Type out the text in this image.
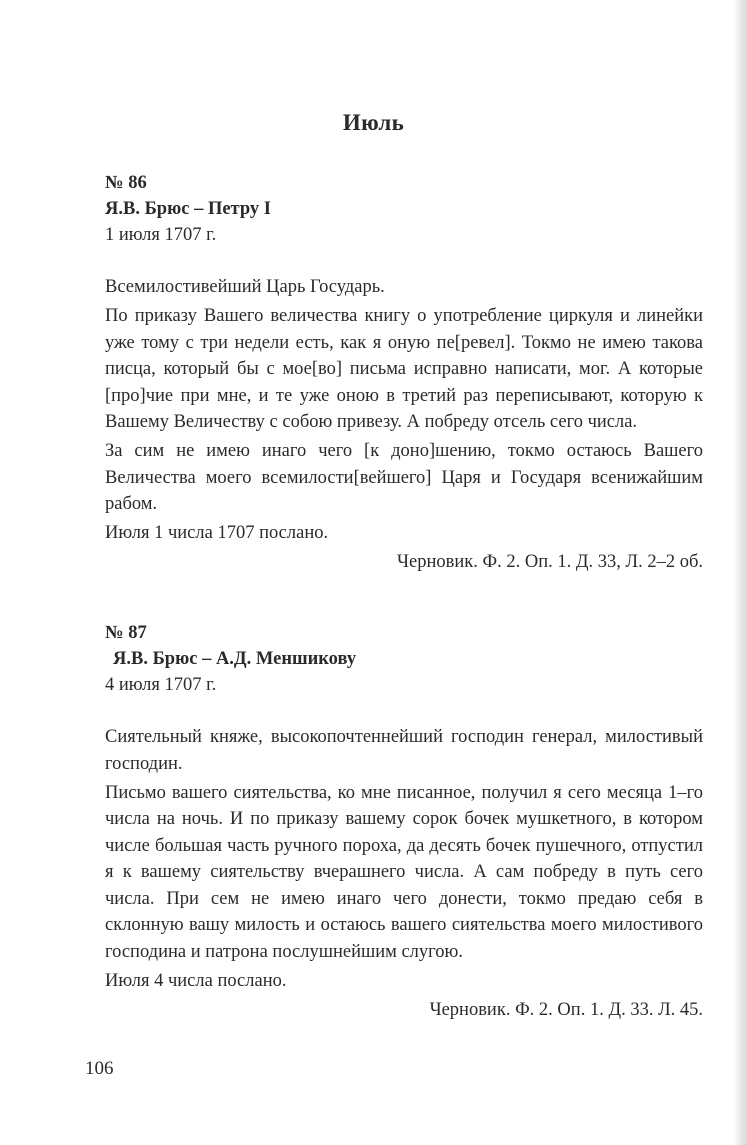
Июль
№ 86
Я.В. Брюс – Петру I
1 июля 1707 г.

Всемилостивейший Царь Государь.

По приказу Вашего величества книгу о употребление циркуля и линейки уже тому с три недели есть, как я оную пе[ревел]. Токмо не имею такова писца, который бы с мое[во] письма исправно написати, мог. А которые [про]чие при мне, и те уже оною в третий раз переписывают, которую к Вашему Величеству с собою привезу. А побреду отсель сего числа.

За сим не имею инаго чего [к доно]шению, токмо остаюсь Вашего Величества моего всемилости[вейшего] Царя и Государя всенижайшим рабом.

Июля 1 числа 1707 послано.

Черновик. Ф. 2. Оп. 1. Д. 33, Л. 2–2 об.

№ 87
Я.В. Брюс – А.Д. Меншикову
4 июля 1707 г.

Сиятельный княже, высокопочтеннейший господин генерал, милостивый господин.

Письмо вашего сиятельства, ко мне писанное, получил я сего месяца 1–го числа на ночь. И по приказу вашему сорок бочек мушкетного, в котором числе большая часть ручного пороха, да десять бочек пушечного, отпустил я к вашему сиятельству вчерашнего числа. А сам побреду в путь сего числа. При сем не имею инаго чего донести, токмо предаю себя в склонную вашу милость и остаюсь вашего сиятельства моего милостивого господина и патрона послушнейшим слугою.

Июля 4 числа послано.

Черновик. Ф. 2. Оп. 1. Д. 33. Л. 45.

106
